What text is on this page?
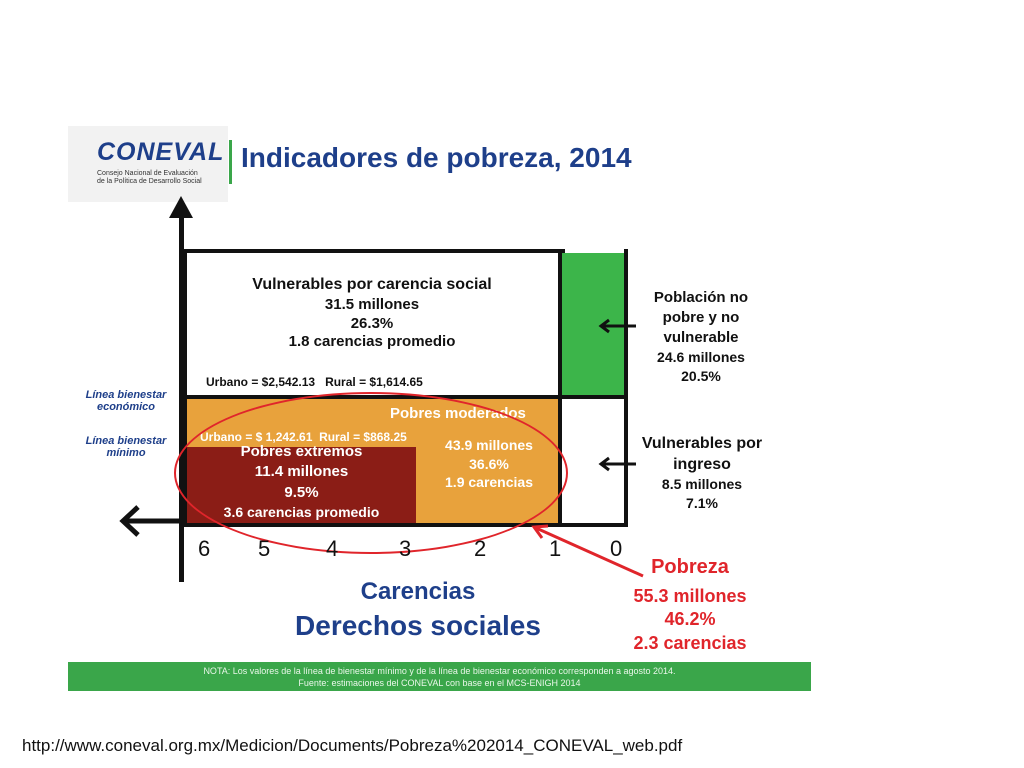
CONEVAL
Consejo Nacional de Evaluación
de la Política de Desarrollo Social
Indicadores de pobreza, 2014
Vulnerables por carencia social
31.5 millones
26.3%
1.8 carencias promedio
Urbano = $2,542.13   Rural = $1,614.65
Pobres moderados
Urbano = $ 1,242.61  Rural = $868.25	43.9 millones
36.6%
1.9 carencias
Pobres extremos
11.4 millones
9.5%
3.6 carencias promedio
Población no
pobre y no
vulnerable
24.6 millones
20.5%
Vulnerables por
ingreso
8.5 millones
7.1%
Línea bienestar
económico
Línea bienestar
mínimo
6 5	4	3	2	1 0
Carencias
Derechos sociales
Pobreza
55.3 millones
46.2%
2.3 carencias
NOTA: Los valores de la línea de bienestar mínimo y de la línea de bienestar económico corresponden a agosto 2014.
Fuente: estimaciones del CONEVAL con base en el MCS-ENIGH 2014
http://www.coneval.org.mx/Medicion/Documents/Pobreza%202014_CONEVAL_web.pdf
